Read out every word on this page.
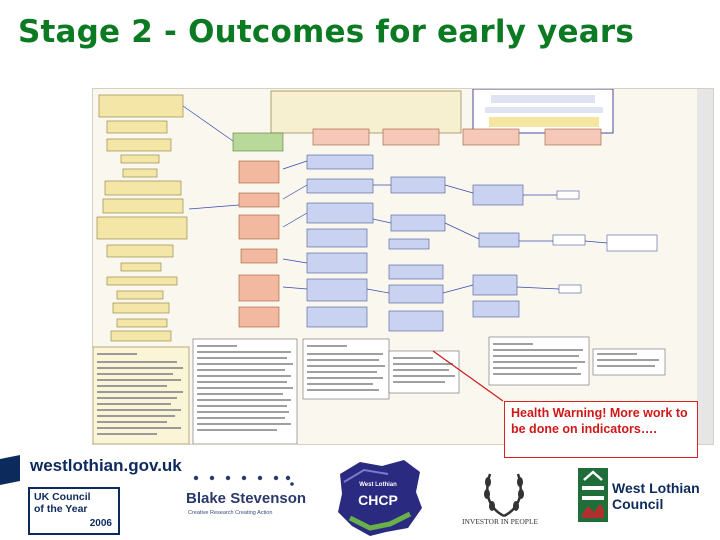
Stage 2 - Outcomes for early years
Health Warning! More work to be done on indicators….
westlothian.gov.uk
UK Council
of the Year
2006
Blake Stevenson
Creative Research Creating Action
West Lothian
CHCP
INVESTOR IN PEOPLE
West Lothian
Council
